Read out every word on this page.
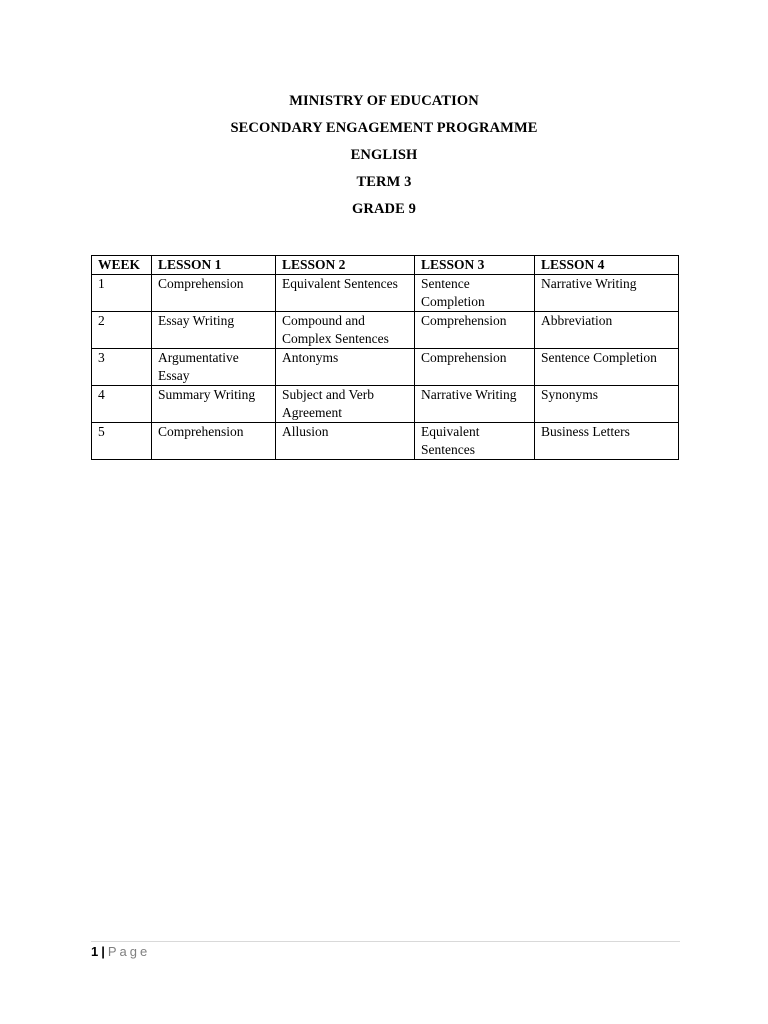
MINISTRY OF EDUCATION
SECONDARY ENGAGEMENT PROGRAMME
ENGLISH
TERM 3
GRADE 9
WEEK	LESSON 1	LESSON 2	LESSON 3	LESSON 4
1	Comprehension	Equivalent Sentences	Sentence Completion	Narrative Writing
2	Essay Writing	Compound and Complex Sentences	Comprehension	Abbreviation
3	Argumentative Essay	Antonyms	Comprehension	Sentence Completion
4	Summary Writing	Subject and Verb Agreement	Narrative Writing	Synonyms
5	Comprehension	Allusion	Equivalent Sentences	Business Letters
1 | Page
